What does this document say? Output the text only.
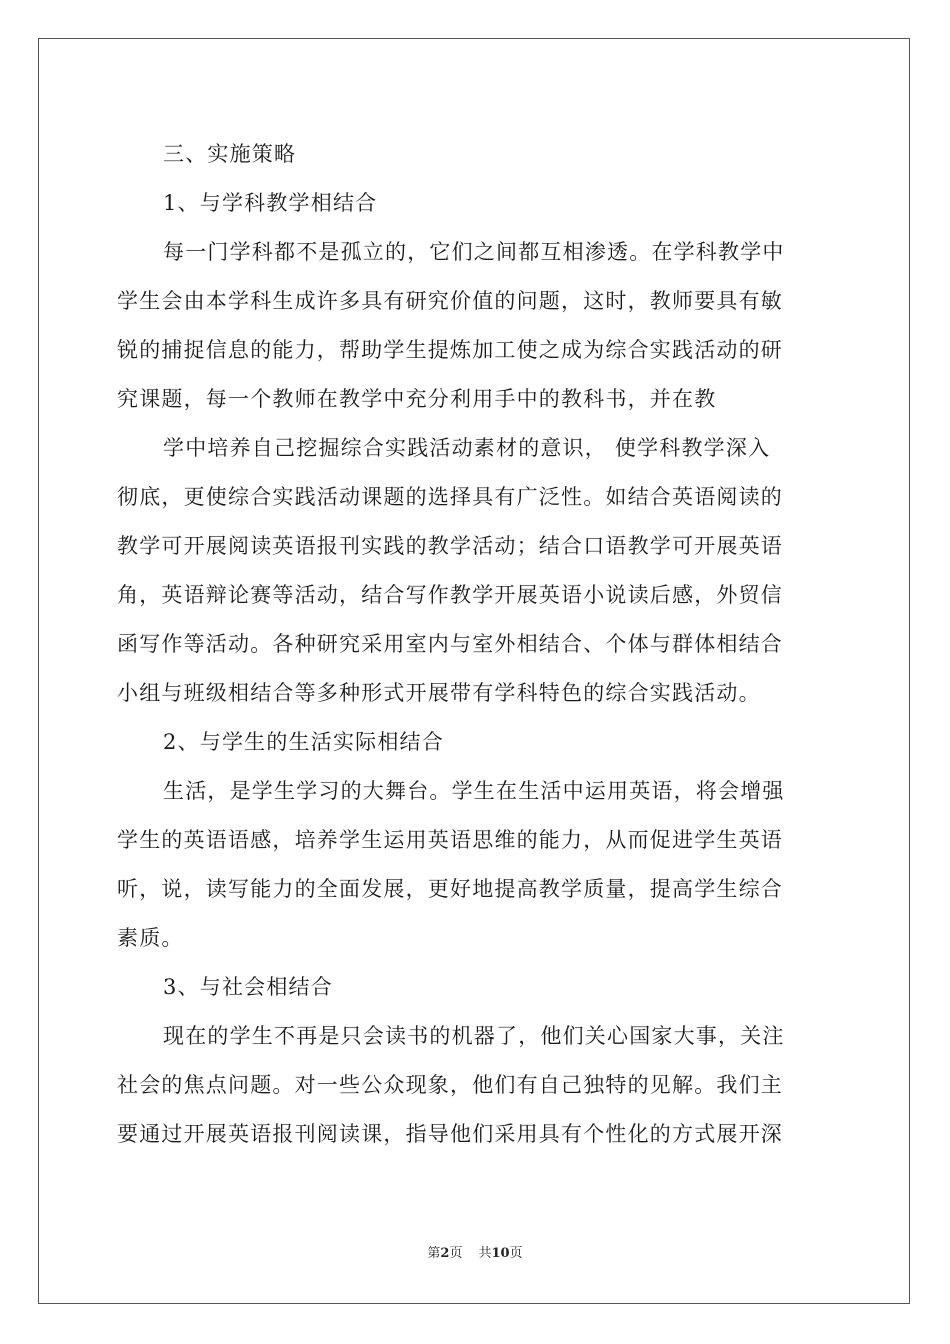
三、实施策略
1、与学科教学相结合
每一门学科都不是孤立的，它们之间都互相渗透。在学科教学中
学生会由本学科生成许多具有研究价值的问题，这时，教师要具有敏
锐的捕捉信息的能力，帮助学生提炼加工使之成为综合实践活动的研
究课题，每一个教师在教学中充分利用手中的教科书，并在教
学中培养自己挖掘综合实践活动素材的意识， 使学科教学深入
彻底，更使综合实践活动课题的选择具有广泛性。如结合英语阅读的
教学可开展阅读英语报刊实践的教学活动；结合口语教学可开展英语
角，英语辩论赛等活动，结合写作教学开展英语小说读后感，外贸信
函写作等活动。各种研究采用室内与室外相结合、个体与群体相结合
小组与班级相结合等多种形式开展带有学科特色的综合实践活动。
2、与学生的生活实际相结合
生活，是学生学习的大舞台。学生在生活中运用英语，将会增强
学生的英语语感，培养学生运用英语思维的能力，从而促进学生英语
听，说，读写能力的全面发展，更好地提高教学质量，提高学生综合
素质。
3、与社会相结合
现在的学生不再是只会读书的机器了，他们关心国家大事，关注
社会的焦点问题。对一些公众现象，他们有自己独特的见解。我们主
要通过开展英语报刊阅读课，指导他们采用具有个性化的方式展开深
第2页 共10页
